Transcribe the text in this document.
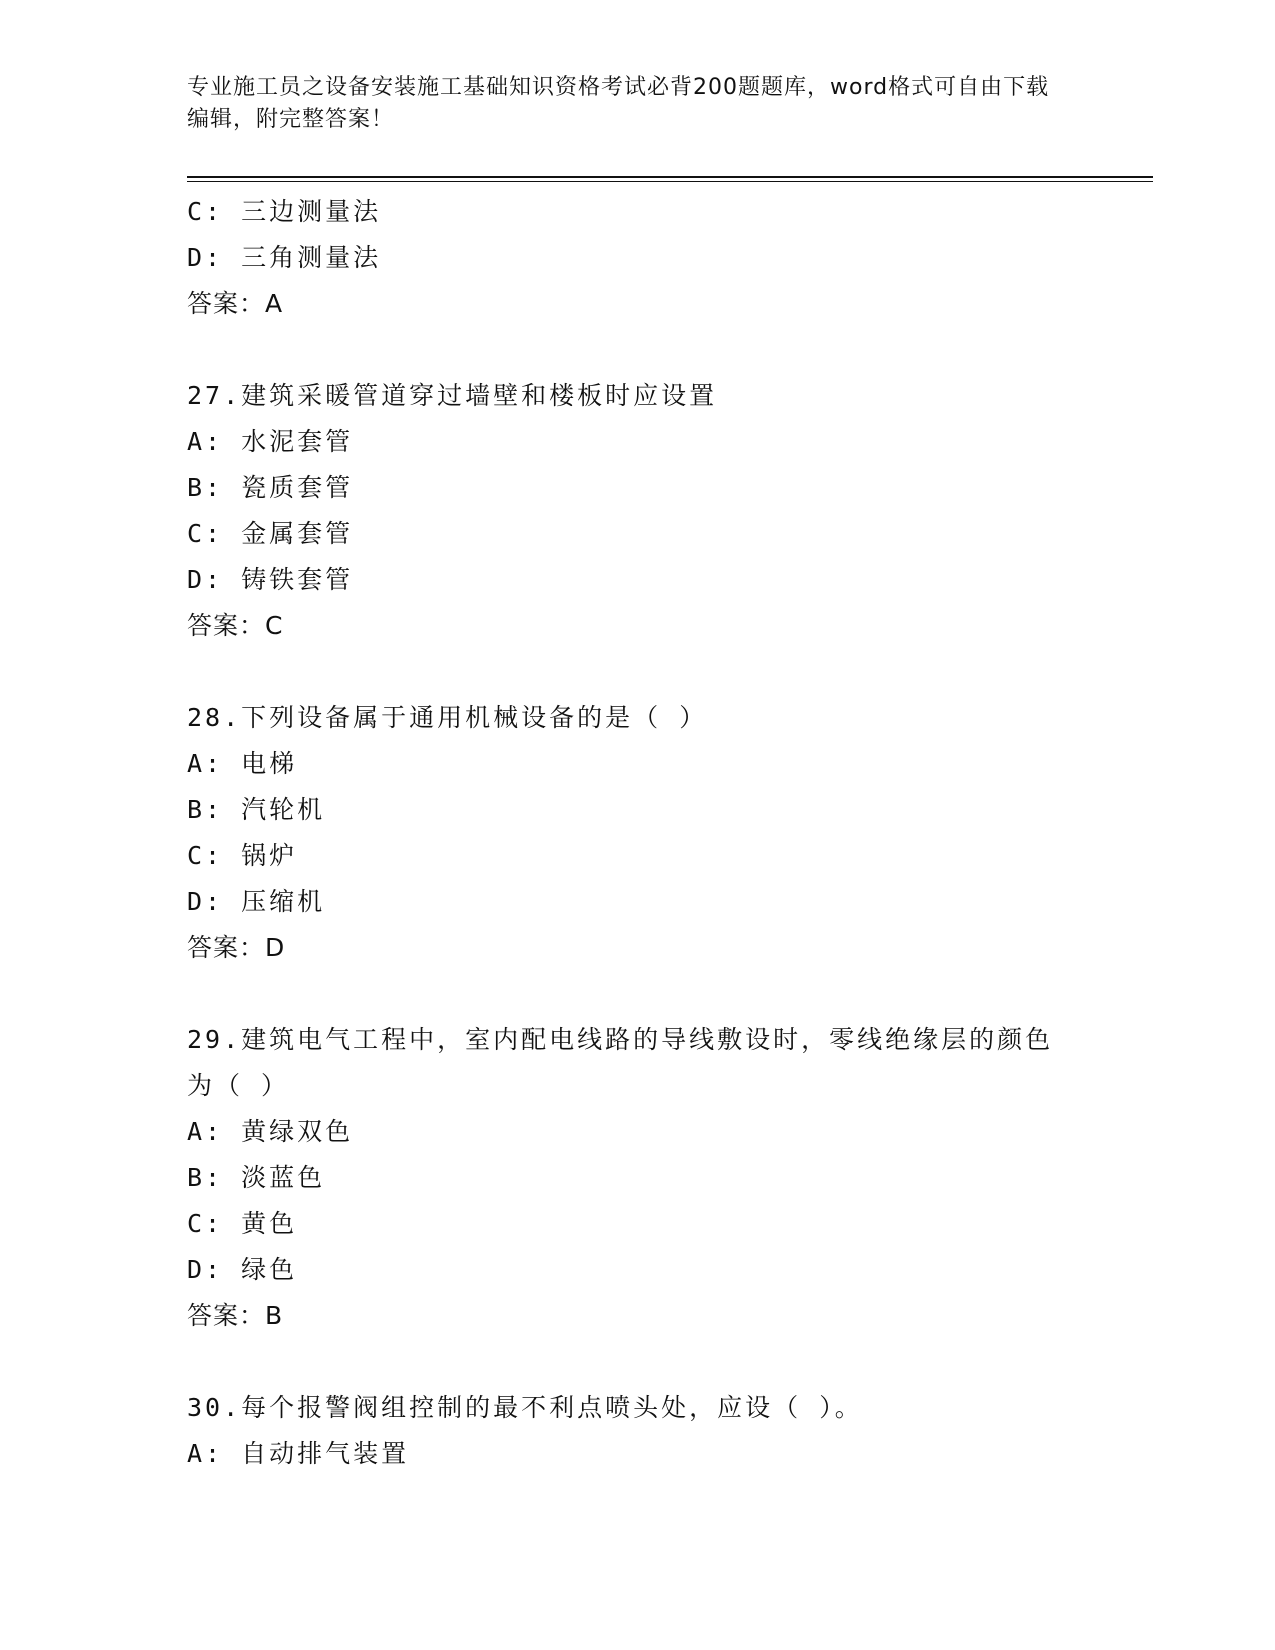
专业施工员之设备安装施工基础知识资格考试必背200题题库，word格式可自由下载编辑，附完整答案！
C: 三边测量法
D: 三角测量法
答案：A
27.建筑采暖管道穿过墙壁和楼板时应设置
A: 水泥套管
B: 瓷质套管
C: 金属套管
D: 铸铁套管
答案：C
28.下列设备属于通用机械设备的是（ ）
A: 电梯
B: 汽轮机
C: 锅炉
D: 压缩机
答案：D
29.建筑电气工程中，室内配电线路的导线敷设时，零线绝缘层的颜色
为（ ）
A: 黄绿双色
B: 淡蓝色
C: 黄色
D: 绿色
答案：B
30.每个报警阀组控制的最不利点喷头处，应设（ ）。
A: 自动排气装置
